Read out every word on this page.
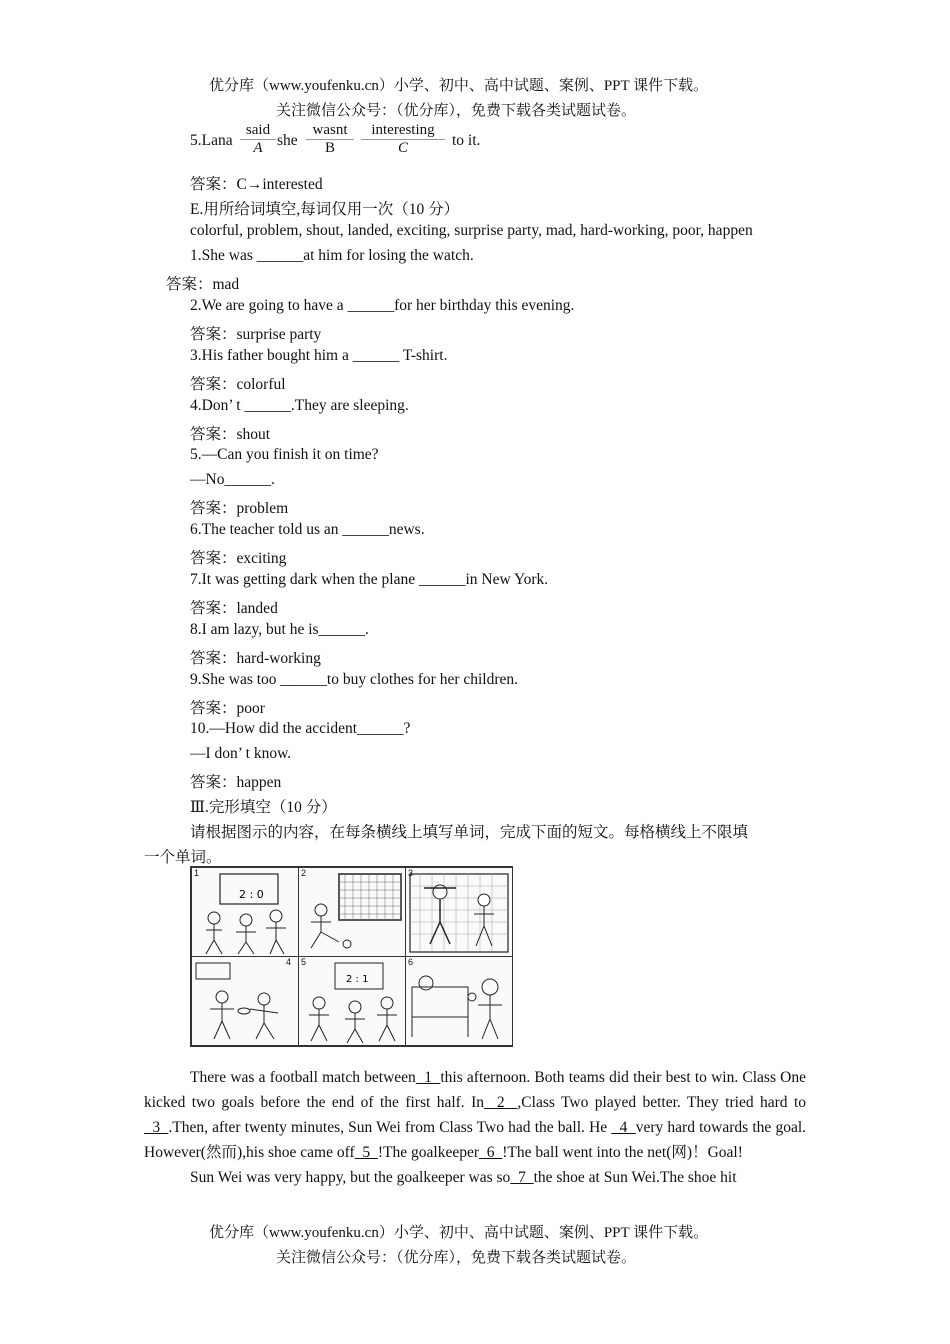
优分库（www.youfenku.cn）小学、初中、高中试题、案例、PPT 课件下载。
关注微信公众号：（优分库），免费下载各类试题试卷。
5.Lana
said
A she
wasnt
B
interesting
C	to it.
答案：C→interested
E.用所给词填空,每词仅用一次（10 分）
colorful, problem, shout, landed, exciting, surprise party, mad, hard-working, poor, happen
1.She was ______at him for losing the watch.
答案：mad
2.We are going to have a ______for her birthday this evening.
答案：surprise party
3.His father bought him a ______ T-shirt.
答案：colorful
4.Don’ t ______.They are sleeping.
答案：shout
5.—Can you finish it on time?
—No______.
答案：problem
6.The teacher told us an ______news.
答案：exciting
7.It was getting dark when the plane ______in New York.
答案：landed
8.I am lazy, but he is______.
答案：hard-working
9.She was too ______to buy clothes for her children.
答案：poor
10.—How did the accident______?
—I don’ t know.
答案：happen
Ⅲ.完形填空（10 分）
请根据图示的内容，在每条横线上填写单词，完成下面的短文。每格横线上不限填
一个单词。
1
2 : 0
2	3
4 5
2 : 1
6

There was a football match between  1  this afternoon. Both teams did their best to win. Class One kicked two goals before the end of the first half. In  2  ,Class Two played better. They tried hard to  3  .Then, after twenty minutes, Sun Wei from Class Two had the ball. He   4  very hard towards the goal. However(然而),his shoe came off  5  !The goalkeeper  6  !The ball went into the net(网)！Goal!

Sun Wei was very happy, but the goalkeeper was so  7  the shoe at Sun Wei.The shoe hit

优分库（www.youfenku.cn）小学、初中、高中试题、案例、PPT 课件下载。
关注微信公众号：（优分库），免费下载各类试题试卷。
